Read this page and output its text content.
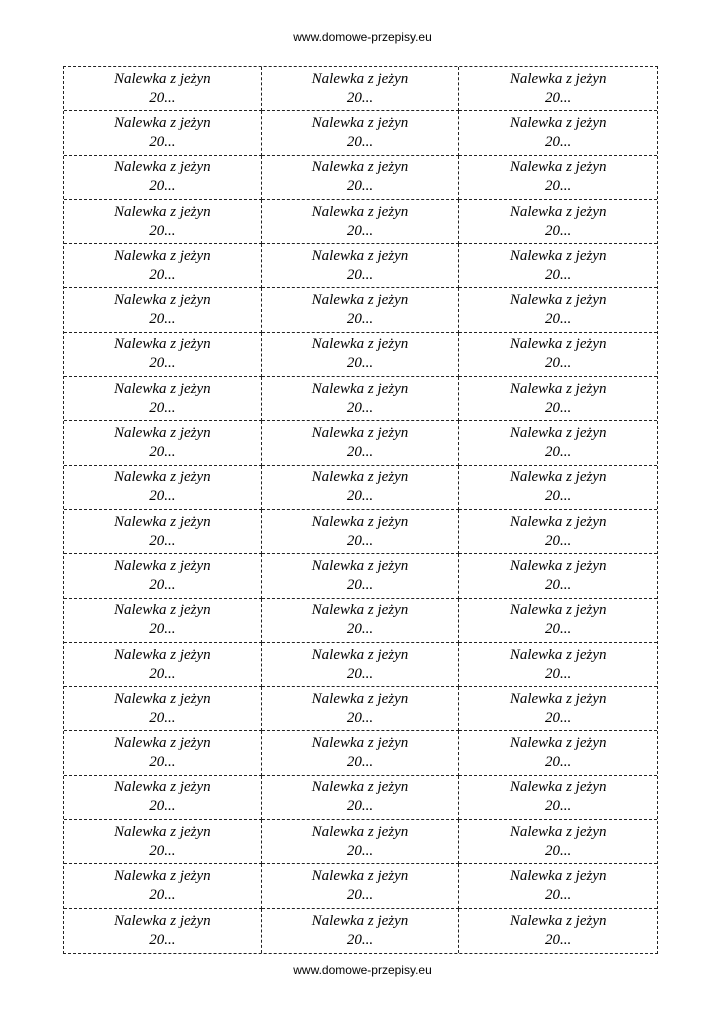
www.domowe-przepisy.eu
Nalewka z jeżyn
20...
Nalewka z jeżyn
20...
Nalewka z jeżyn
20...
Nalewka z jeżyn
20...
Nalewka z jeżyn
20...
Nalewka z jeżyn
20...
Nalewka z jeżyn
20...
Nalewka z jeżyn
20...
Nalewka z jeżyn
20...
Nalewka z jeżyn
20...
Nalewka z jeżyn
20...
Nalewka z jeżyn
20...
Nalewka z jeżyn
20...
Nalewka z jeżyn
20...
Nalewka z jeżyn
20...
Nalewka z jeżyn
20...
Nalewka z jeżyn
20...
Nalewka z jeżyn
20...
Nalewka z jeżyn
20...
Nalewka z jeżyn
20...
Nalewka z jeżyn
20...
Nalewka z jeżyn
20...
Nalewka z jeżyn
20...
Nalewka z jeżyn
20...
Nalewka z jeżyn
20...
Nalewka z jeżyn
20...
Nalewka z jeżyn
20...
Nalewka z jeżyn
20...
Nalewka z jeżyn
20...
Nalewka z jeżyn
20...
Nalewka z jeżyn
20...
Nalewka z jeżyn
20...
Nalewka z jeżyn
20...
Nalewka z jeżyn
20...
Nalewka z jeżyn
20...
Nalewka z jeżyn
20...
Nalewka z jeżyn
20...
Nalewka z jeżyn
20...
Nalewka z jeżyn
20...
Nalewka z jeżyn
20...
Nalewka z jeżyn
20...
Nalewka z jeżyn
20...
Nalewka z jeżyn
20...
Nalewka z jeżyn
20...
Nalewka z jeżyn
20...
Nalewka z jeżyn
20...
Nalewka z jeżyn
20...
Nalewka z jeżyn
20...
Nalewka z jeżyn
20...
Nalewka z jeżyn
20...
Nalewka z jeżyn
20...
Nalewka z jeżyn
20...
Nalewka z jeżyn
20...
Nalewka z jeżyn
20...
Nalewka z jeżyn
20...
Nalewka z jeżyn
20...
Nalewka z jeżyn
20...
Nalewka z jeżyn
20...
Nalewka z jeżyn
20...
Nalewka z jeżyn
20...
www.domowe-przepisy.eu
